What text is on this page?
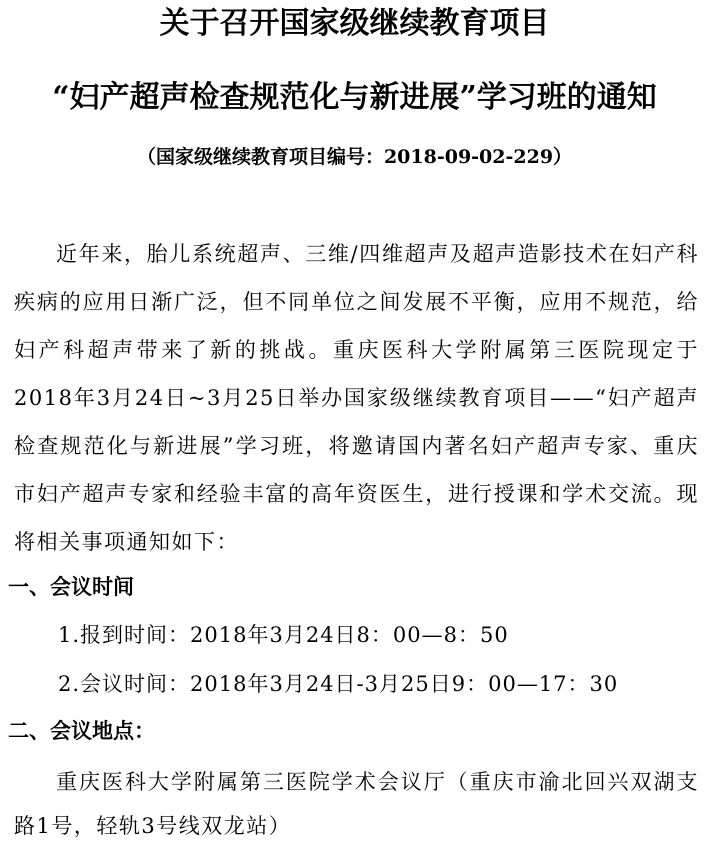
关于召开国家级继续教育项目
“妇产超声检查规范化与新进展”学习班的通知
（国家级继续教育项目编号：2018-09-02-229）

近年来，胎儿系统超声、三维/四维超声及超声造影技术在妇产科疾病的应用日渐广泛，但不同单位之间发展不平衡，应用不规范，给妇产科超声带来了新的挑战。重庆医科大学附属第三医院现定于2018年3月24日~3月25日举办国家级继续教育项目——“妇产超声检查规范化与新进展”学习班，将邀请国内著名妇产超声专家、重庆市妇产超声专家和经验丰富的高年资医生，进行授课和学术交流。现将相关事项通知如下：

一、会议时间
1.报到时间：2018年3月24日8：00—8：50
2.会议时间：2018年3月24日-3月25日9：00—17：30
二、会议地点：

重庆医科大学附属第三医院学术会议厅（重庆市渝北回兴双湖支路1号，轻轨3号线双龙站）
